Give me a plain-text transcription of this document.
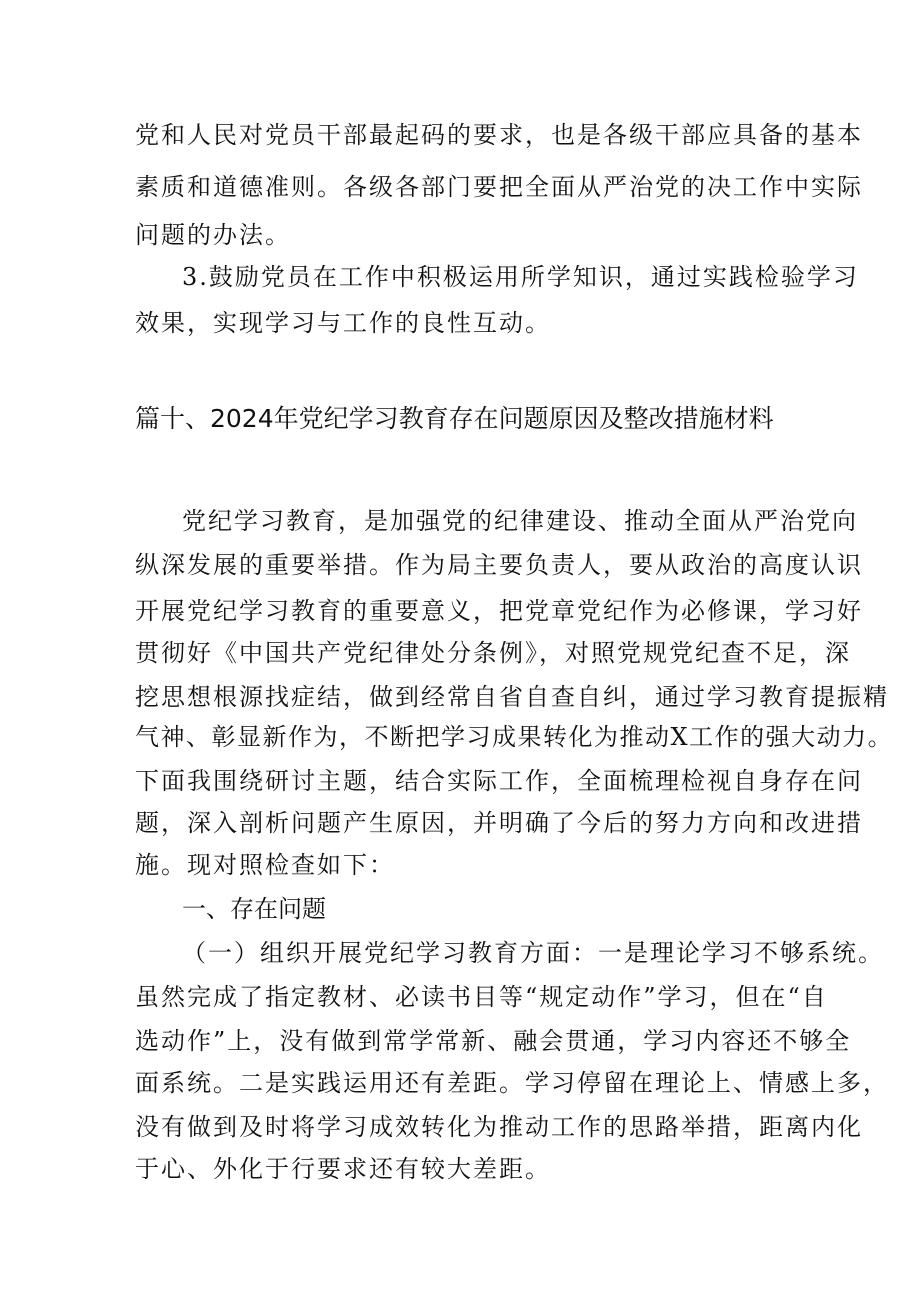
党和人民对党员干部最起码的要求，也是各级干部应具备的基本
素质和道德准则。各级各部门要把全面从严治党的决工作中实际
问题的办法。
3.鼓励党员在工作中积极运用所学知识，通过实践检验学习
效果，实现学习与工作的良性互动。
篇十、2024年党纪学习教育存在问题原因及整改措施材料
党纪学习教育，是加强党的纪律建设、推动全面从严治党向
纵深发展的重要举措。作为局主要负责人，要从政治的高度认识
开展党纪学习教育的重要意义，把党章党纪作为必修课，学习好
贯彻好《中国共产党纪律处分条例》，对照党规党纪查不足，深
挖思想根源找症结，做到经常自省自查自纠，通过学习教育提振精
气神、彰显新作为，不断把学习成果转化为推动X工作的强大动力。
下面我围绕研讨主题，结合实际工作，全面梳理检视自身存在问
题，深入剖析问题产生原因，并明确了今后的努力方向和改进措
施。现对照检查如下：
一、存在问题
（一）组织开展党纪学习教育方面：一是理论学习不够系统。
虽然完成了指定教材、必读书目等“规定动作”学习，但在“自
选动作”上，没有做到常学常新、融会贯通，学习内容还不够全
面系统。二是实践运用还有差距。学习停留在理论上、情感上多，
没有做到及时将学习成效转化为推动工作的思路举措，距离内化
于心、外化于行要求还有较大差距。
